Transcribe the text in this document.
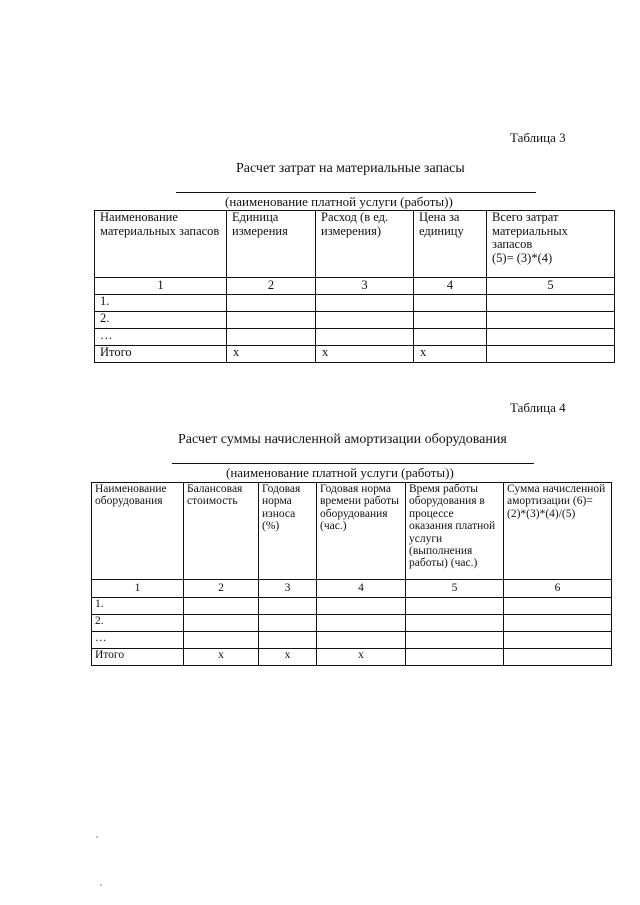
Таблица 3
Расчет затрат на материальные запасы
(наименование платной услуги (работы))
Наименование материальных запасов	Единица измерения	Расход (в ед. измерения)	Цена за единицу	Всего затрат материальных запасов
(5)= (3)*(4)

1	2	3	4	5
1.				
2.				
…				
Итого	x	x	x	
Таблица 4
Расчет суммы начисленной амортизации оборудования
(наименование платной услуги (работы))
Наименование оборудования	Балансовая стоимость	Годовая норма износа (%)	Годовая норма времени работы оборудования (час.)	Время работы оборудования в процессе оказания платной услуги (выполнения работы) (час.)	Сумма начисленной амортизации (6)=(2)*(3)*(4)/(5)
1	2	3	4	5	6
1.					
2.					
…					
Итого	x	x	x		
